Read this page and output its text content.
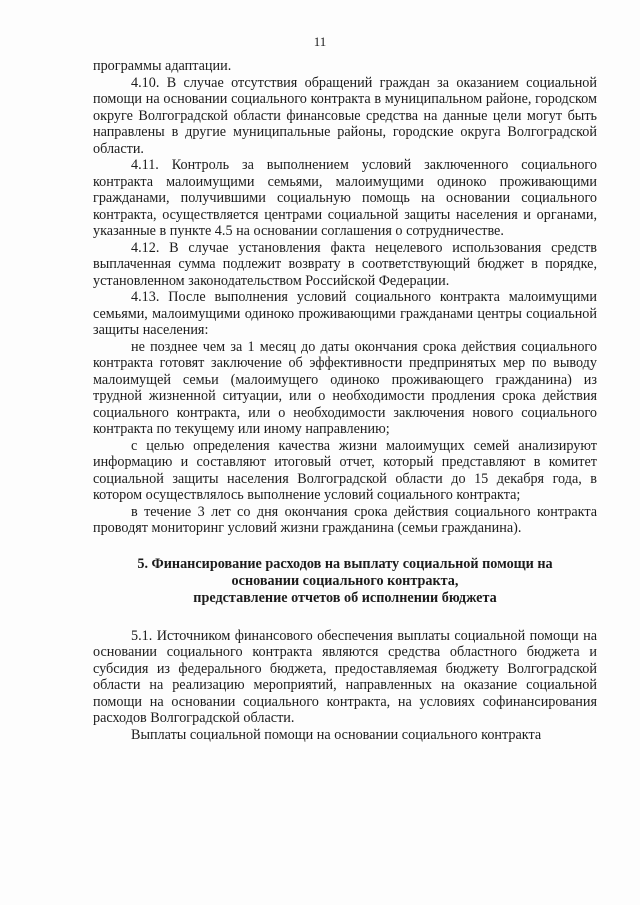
11

программы адаптации.

4.10. В случае отсутствия обращений граждан за оказанием социальной помощи на основании социального контракта в муниципальном районе, городском округе Волгоградской области финансовые средства на данные цели могут быть направлены в другие муниципальные районы, городские округа Волгоградской области.

4.11. Контроль за выполнением условий заключенного социального контракта малоимущими семьями, малоимущими одиноко проживающими гражданами, получившими социальную помощь на основании социального контракта, осуществляется центрами социальной защиты населения и органами, указанные в пункте 4.5 на основании соглашения о сотрудничестве.

4.12. В случае установления факта нецелевого использования средств выплаченная сумма подлежит возврату в соответствующий бюджет в порядке, установленном законодательством Российской Федерации.

4.13. После выполнения условий социального контракта малоимущими семьями, малоимущими одиноко проживающими гражданами центры социальной защиты населения:

не позднее чем за 1 месяц до даты окончания срока действия социального контракта готовят заключение об эффективности предпринятых мер по выводу малоимущей семьи (малоимущего одиноко проживающего гражданина) из трудной жизненной ситуации, или о необходимости продления срока действия социального контракта, или о необходимости заключения нового социального контракта по текущему или иному направлению;

с целью определения качества жизни малоимущих семей анализируют информацию и составляют итоговый отчет, который представляют в комитет социальной защиты населения Волгоградской области до 15 декабря года, в котором осуществлялось выполнение условий социального контракта;

в течение 3 лет со дня окончания срока действия социального контракта проводят мониторинг условий жизни гражданина (семьи гражданина).

5. Финансирование расходов на выплату социальной помощи на
основании социального контракта,
представление отчетов об исполнении бюджета

5.1. Источником финансового обеспечения выплаты социальной помощи на основании социального контракта являются средства областного бюджета и субсидия из федерального бюджета, предоставляемая бюджету Волгоградской области на реализацию мероприятий, направленных на оказание социальной помощи на основании социального контракта, на условиях софинансирования расходов Волгоградской области.

Выплаты социальной помощи на основании социального контракта
